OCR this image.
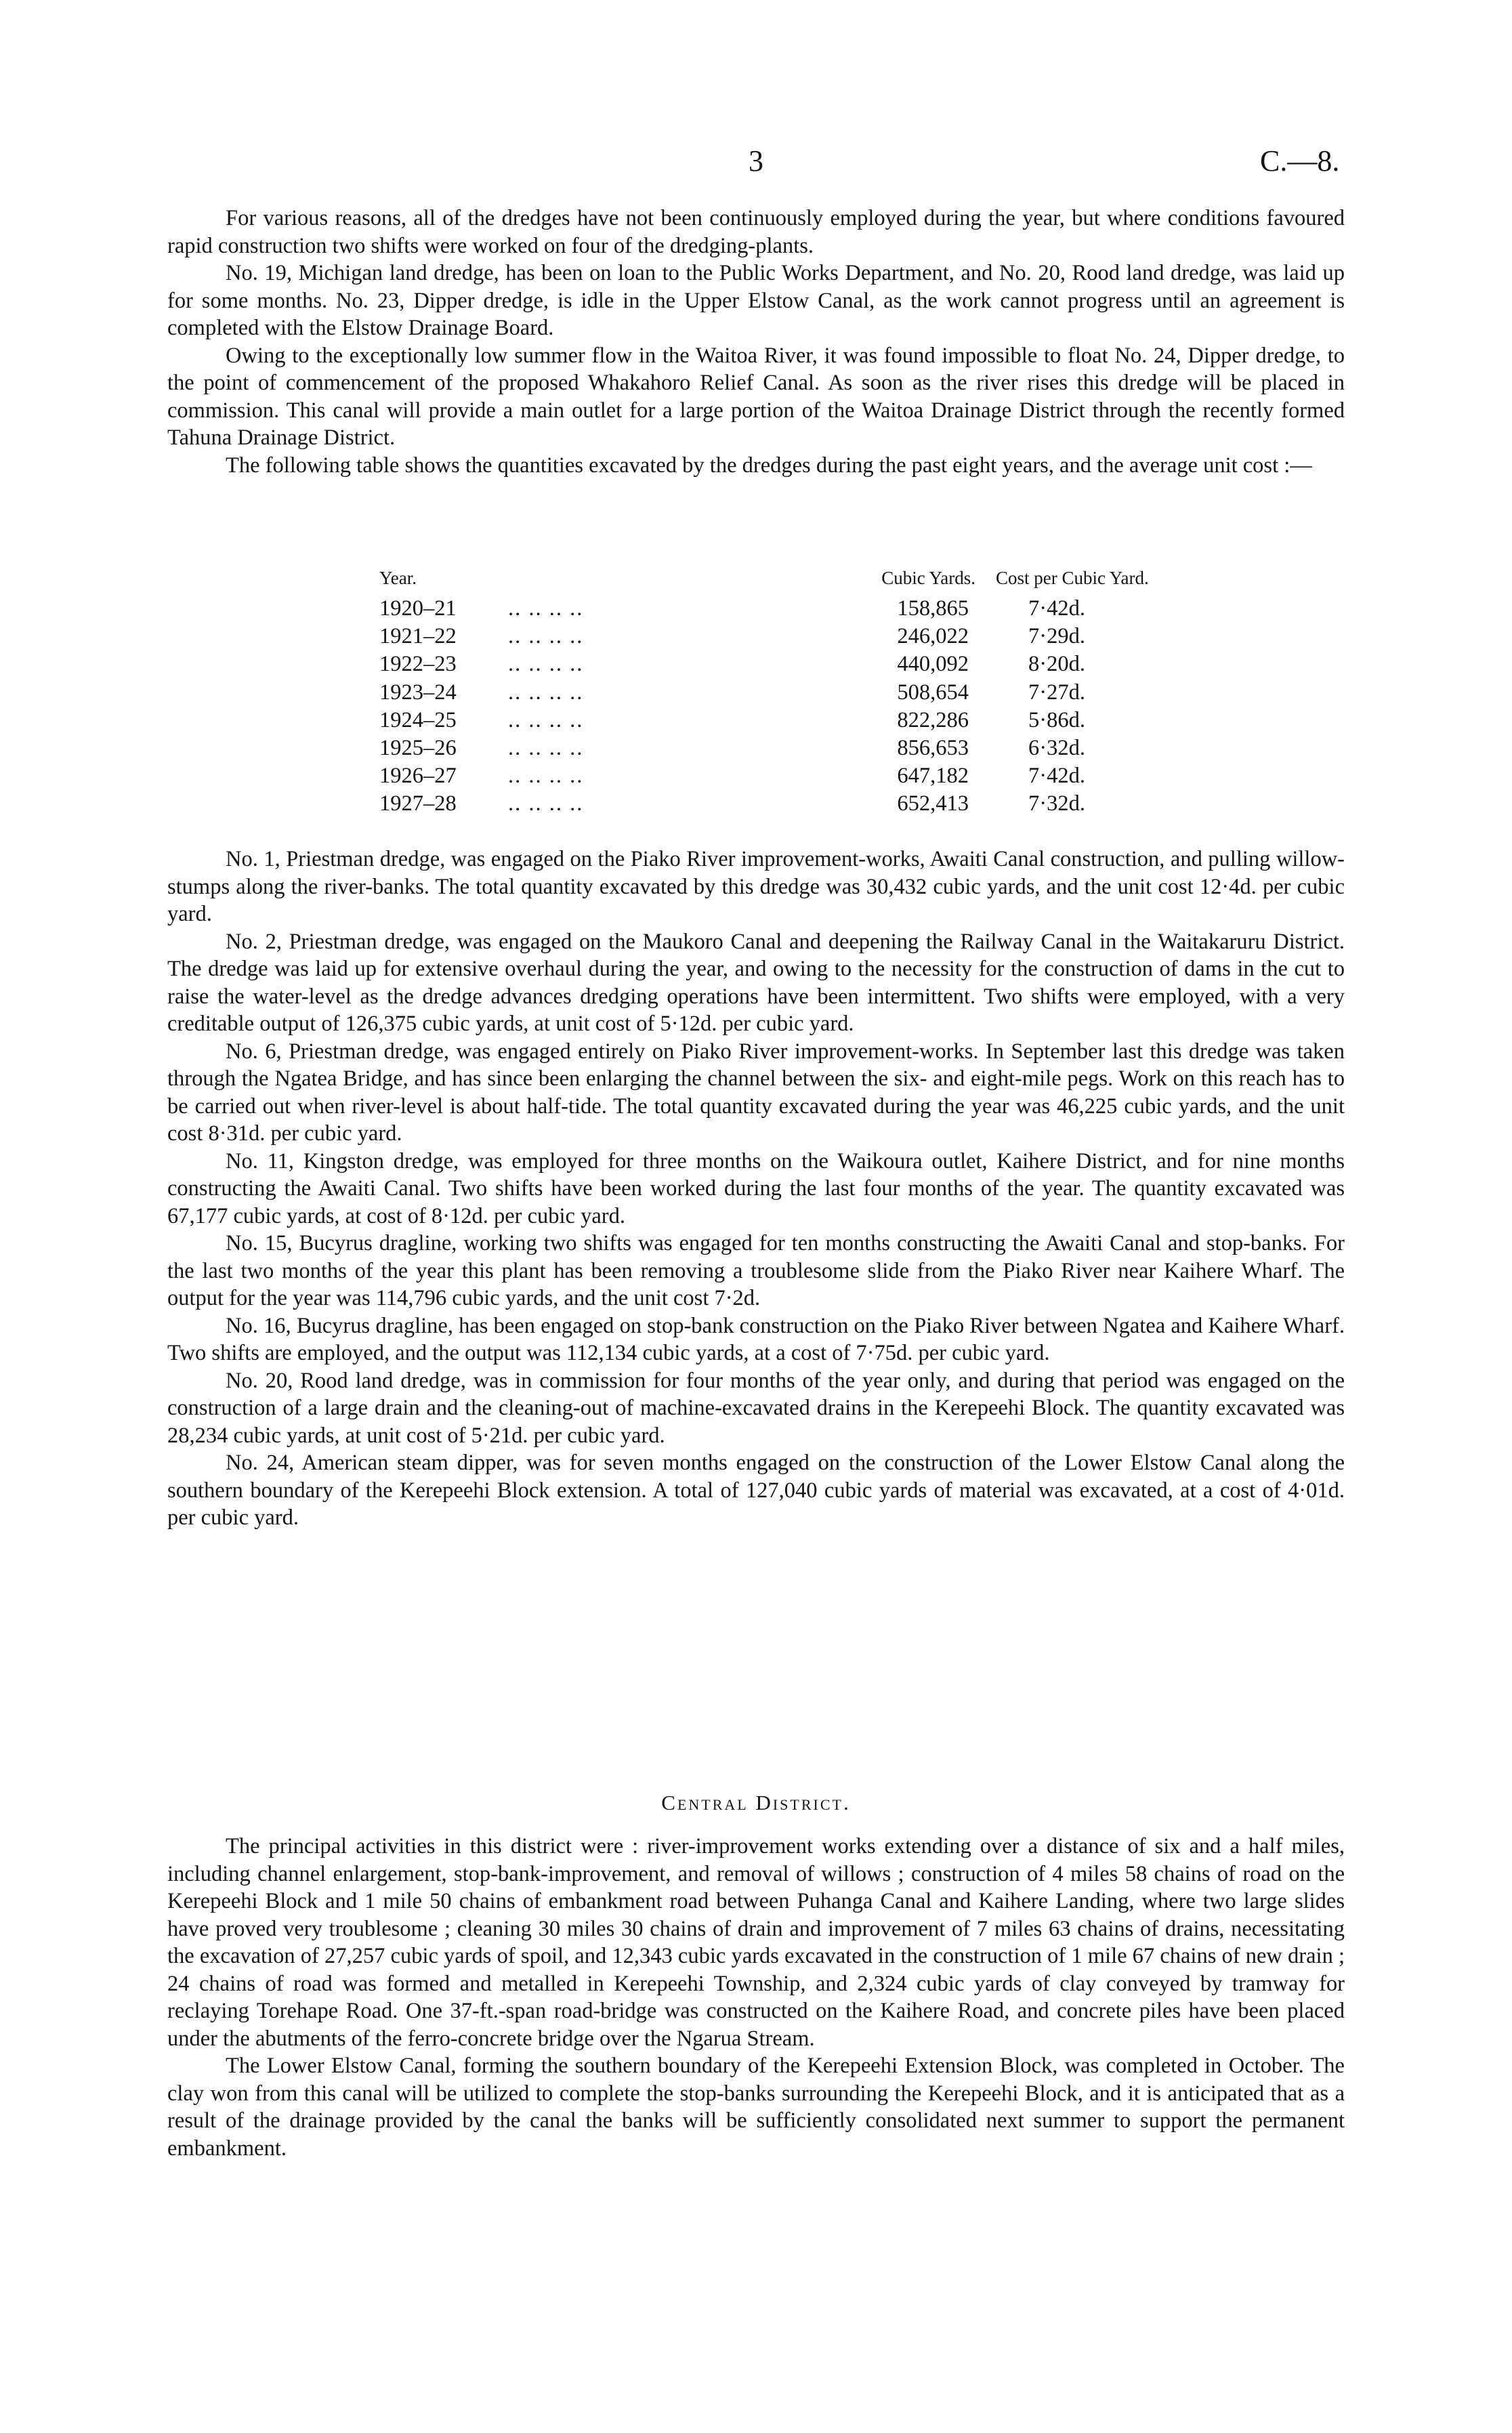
3	C.—8.

For various reasons, all of the dredges have not been continuously employed during the year, but where conditions favoured rapid construction two shifts were worked on four of the dredging-plants.

No. 19, Michigan land dredge, has been on loan to the Public Works Department, and No. 20, Rood land dredge, was laid up for some months. No. 23, Dipper dredge, is idle in the Upper Elstow Canal, as the work cannot progress until an agreement is completed with the Elstow Drainage Board.

Owing to the exceptionally low summer flow in the Waitoa River, it was found impossible to float No. 24, Dipper dredge, to the point of commencement of the proposed Whakahoro Relief Canal. As soon as the river rises this dredge will be placed in commission. This canal will provide a main outlet for a large portion of the Waitoa Drainage District through the recently formed Tahuna Drainage District.

The following table shows the quantities excavated by the dredges during the past eight years, and the average unit cost :—

Year.	Cubic Yards. Cost per Cubic Yard.
1920–21 .. .. .. ..	158,865	7·42d.
1921–22 .. .. .. ..	246,022	7·29d.
1922–23 .. .. .. ..	440,092	8·20d.
1923–24 .. .. .. ..	508,654	7·27d.
1924–25 .. .. .. ..	822,286	5·86d.
1925–26 .. .. .. ..	856,653	6·32d.
1926–27 .. .. .. ..	647,182	7·42d.
1927–28 .. .. .. ..	652,413	7·32d.

No. 1, Priestman dredge, was engaged on the Piako River improvement-works, Awaiti Canal construction, and pulling willow-stumps along the river-banks. The total quantity excavated by this dredge was 30,432 cubic yards, and the unit cost 12·4d. per cubic yard.

No. 2, Priestman dredge, was engaged on the Maukoro Canal and deepening the Railway Canal in the Waitakaruru District. The dredge was laid up for extensive overhaul during the year, and owing to the necessity for the construction of dams in the cut to raise the water-level as the dredge advances dredging operations have been intermittent. Two shifts were employed, with a very creditable output of 126,375 cubic yards, at unit cost of 5·12d. per cubic yard.

No. 6, Priestman dredge, was engaged entirely on Piako River improvement-works. In September last this dredge was taken through the Ngatea Bridge, and has since been enlarging the channel between the six- and eight-mile pegs. Work on this reach has to be carried out when river-level is about half-tide. The total quantity excavated during the year was 46,225 cubic yards, and the unit cost 8·31d. per cubic yard.

No. 11, Kingston dredge, was employed for three months on the Waikoura outlet, Kaihere District, and for nine months constructing the Awaiti Canal. Two shifts have been worked during the last four months of the year. The quantity excavated was 67,177 cubic yards, at cost of 8·12d. per cubic yard.

No. 15, Bucyrus dragline, working two shifts was engaged for ten months constructing the Awaiti Canal and stop-banks. For the last two months of the year this plant has been removing a troublesome slide from the Piako River near Kaihere Wharf. The output for the year was 114,796 cubic yards, and the unit cost 7·2d.

No. 16, Bucyrus dragline, has been engaged on stop-bank construction on the Piako River between Ngatea and Kaihere Wharf. Two shifts are employed, and the output was 112,134 cubic yards, at a cost of 7·75d. per cubic yard.

No. 20, Rood land dredge, was in commission for four months of the year only, and during that period was engaged on the construction of a large drain and the cleaning-out of machine-excavated drains in the Kerepeehi Block. The quantity excavated was 28,234 cubic yards, at unit cost of 5·21d. per cubic yard.

No. 24, American steam dipper, was for seven months engaged on the construction of the Lower Elstow Canal along the southern boundary of the Kerepeehi Block extension. A total of 127,040 cubic yards of material was excavated, at a cost of 4·01d. per cubic yard.

Central District.

The principal activities in this district were : river-improvement works extending over a distance of six and a half miles, including channel enlargement, stop-bank-improvement, and removal of willows ; construction of 4 miles 58 chains of road on the Kerepeehi Block and 1 mile 50 chains of embankment road between Puhanga Canal and Kaihere Landing, where two large slides have proved very troublesome ; cleaning 30 miles 30 chains of drain and improvement of 7 miles 63 chains of drains, necessitating the excavation of 27,257 cubic yards of spoil, and 12,343 cubic yards excavated in the construction of 1 mile 67 chains of new drain ; 24 chains of road was formed and metalled in Kerepeehi Township, and 2,324 cubic yards of clay conveyed by tramway for reclaying Torehape Road. One 37-ft.-span road-bridge was constructed on the Kaihere Road, and concrete piles have been placed under the abutments of the ferro-concrete bridge over the Ngarua Stream.

The Lower Elstow Canal, forming the southern boundary of the Kerepeehi Extension Block, was completed in October. The clay won from this canal will be utilized to complete the stop-banks surrounding the Kerepeehi Block, and it is anticipated that as a result of the drainage provided by the canal the banks will be sufficiently consolidated next summer to support the permanent embankment.
